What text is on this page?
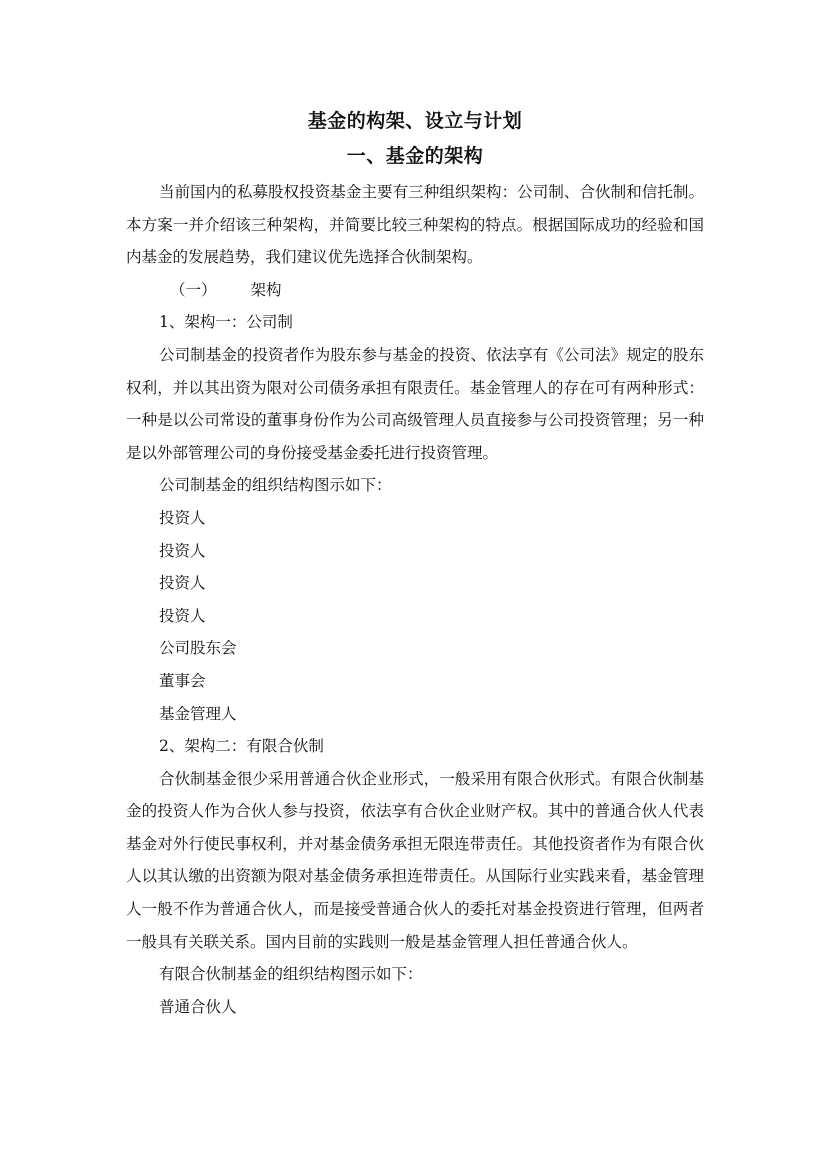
基金的构架、设立与计划
一、基金的架构

当前国内的私募股权投资基金主要有三种组织架构：公司制、合伙制和信托制。本方案一并介绍该三种架构，并简要比较三种架构的特点。根据国际成功的经验和国内基金的发展趋势，我们建议优先选择合伙制架构。

（一） 架构

1、架构一：公司制

公司制基金的投资者作为股东参与基金的投资、依法享有《公司法》规定的股东权利，并以其出资为限对公司债务承担有限责任。基金管理人的存在可有两种形式：一种是以公司常设的董事身份作为公司高级管理人员直接参与公司投资管理；另一种是以外部管理公司的身份接受基金委托进行投资管理。

公司制基金的组织结构图示如下：

投资人

投资人

投资人

投资人

公司股东会

董事会

基金管理人

2、架构二：有限合伙制

合伙制基金很少采用普通合伙企业形式，一般采用有限合伙形式。有限合伙制基金的投资人作为合伙人参与投资，依法享有合伙企业财产权。其中的普通合伙人代表基金对外行使民事权利，并对基金债务承担无限连带责任。其他投资者作为有限合伙人以其认缴的出资额为限对基金债务承担连带责任。从国际行业实践来看，基金管理人一般不作为普通合伙人，而是接受普通合伙人的委托对基金投资进行管理，但两者一般具有关联关系。国内目前的实践则一般是基金管理人担任普通合伙人。

有限合伙制基金的组织结构图示如下：

普通合伙人
